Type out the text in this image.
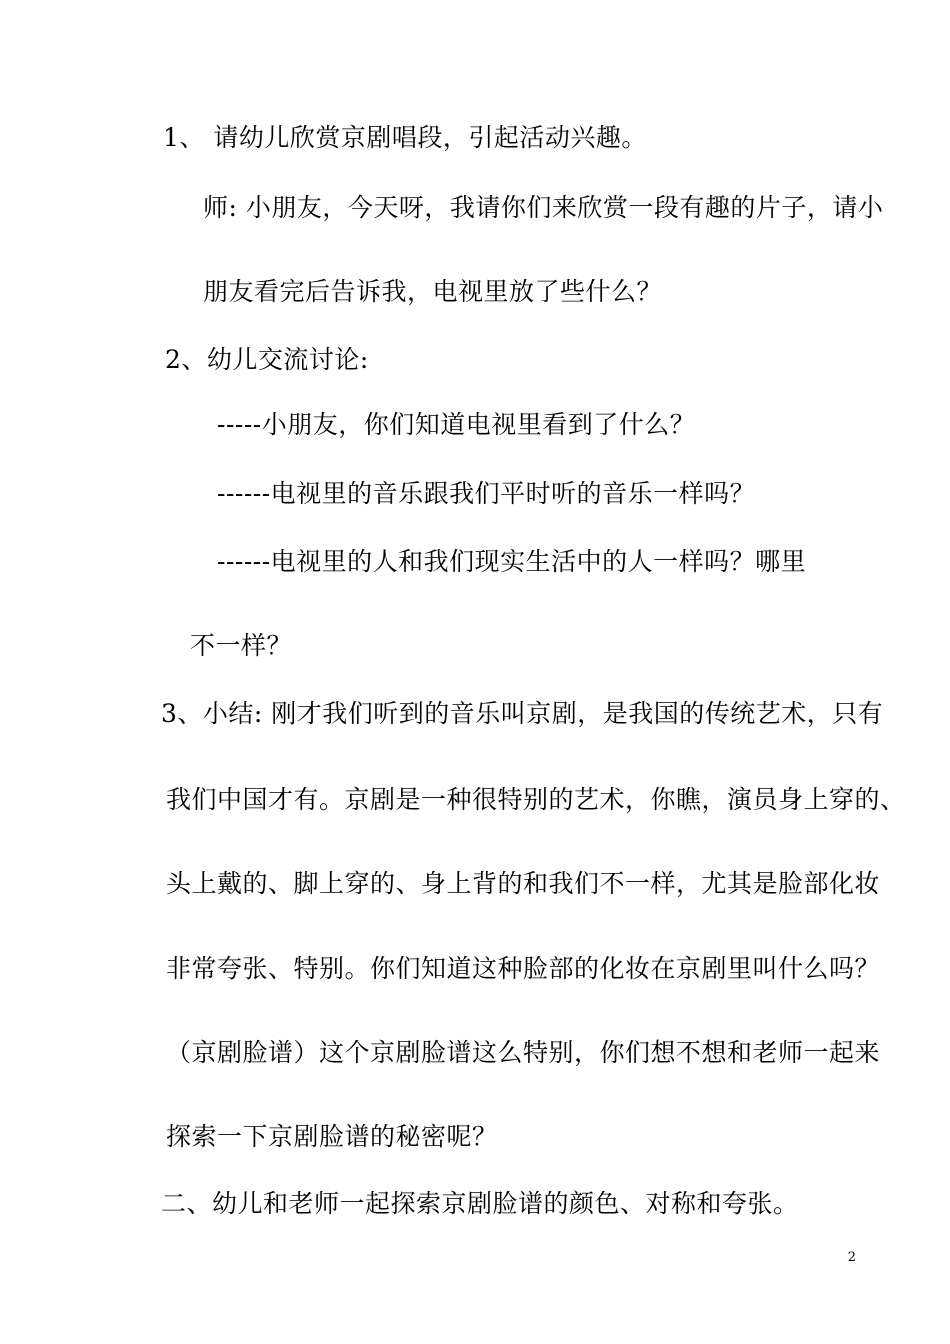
1、 请幼儿欣赏京剧唱段，引起活动兴趣。
师: 小朋友，今天呀，我请你们来欣赏一段有趣的片子，请小
朋友看完后告诉我，电视里放了些什么？
2、幼儿交流讨论:
-----小朋友，你们知道电视里看到了什么？
------电视里的音乐跟我们平时听的音乐一样吗？
------电视里的人和我们现实生活中的人一样吗？哪里
不一样？
3、小结: 刚才我们听到的音乐叫京剧，是我国的传统艺术，只有
我们中国才有。京剧是一种很特别的艺术，你瞧，演员身上穿的、
头上戴的、脚上穿的、身上背的和我们不一样，尤其是脸部化妆
非常夸张、特别。你们知道这种脸部的化妆在京剧里叫什么吗？
（京剧脸谱）这个京剧脸谱这么特别，你们想不想和老师一起来
探索一下京剧脸谱的秘密呢？
二、幼儿和老师一起探索京剧脸谱的颜色、对称和夸张。
2
